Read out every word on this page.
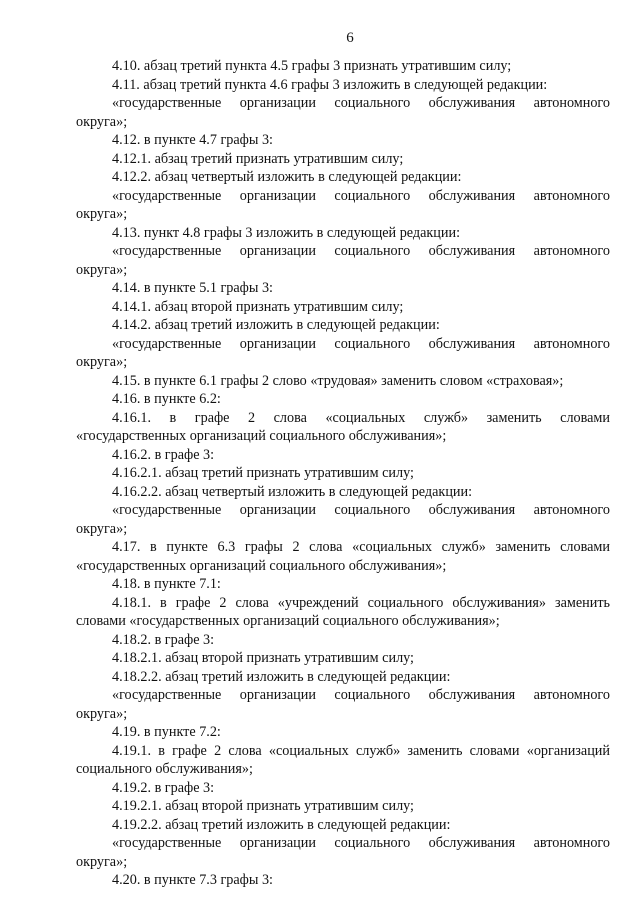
6
4.10. абзац третий пункта 4.5 графы 3 признать утратившим силу;
4.11. абзац третий пункта 4.6 графы 3 изложить в следующей редакции:
«государственные организации социального обслуживания автономного
округа»;
4.12. в пункте 4.7 графы 3:
4.12.1. абзац третий признать утратившим силу;
4.12.2. абзац четвертый изложить в следующей редакции:
«государственные организации социального обслуживания автономного
округа»;
4.13. пункт 4.8 графы 3 изложить в следующей редакции:
«государственные организации социального обслуживания автономного
округа»;
4.14. в пункте 5.1 графы 3:
4.14.1. абзац второй признать утратившим силу;
4.14.2. абзац третий изложить в следующей редакции:
«государственные организации социального обслуживания автономного
округа»;
4.15. в пункте 6.1 графы 2 слово «трудовая» заменить словом «страховая»;
4.16. в пункте 6.2:
4.16.1. в графе 2 слова «социальных служб» заменить словами
«государственных организаций социального обслуживания»;
4.16.2. в графе 3:
4.16.2.1. абзац третий признать утратившим силу;
4.16.2.2. абзац четвертый изложить в следующей редакции:
«государственные организации социального обслуживания автономного
округа»;
4.17. в пункте 6.3 графы 2 слова «социальных служб» заменить словами
«государственных организаций социального обслуживания»;
4.18. в пункте 7.1:
4.18.1. в графе 2 слова «учреждений социального обслуживания» заменить
словами «государственных организаций социального обслуживания»;
4.18.2. в графе 3:
4.18.2.1. абзац второй признать утратившим силу;
4.18.2.2. абзац третий изложить в следующей редакции:
«государственные организации социального обслуживания автономного
округа»;
4.19. в пункте 7.2:
4.19.1. в графе 2 слова «социальных служб» заменить словами «организаций
социального обслуживания»;
4.19.2. в графе 3:
4.19.2.1. абзац второй признать утратившим силу;
4.19.2.2. абзац третий изложить в следующей редакции:
«государственные организации социального обслуживания автономного
округа»;
4.20. в пункте 7.3 графы 3:
